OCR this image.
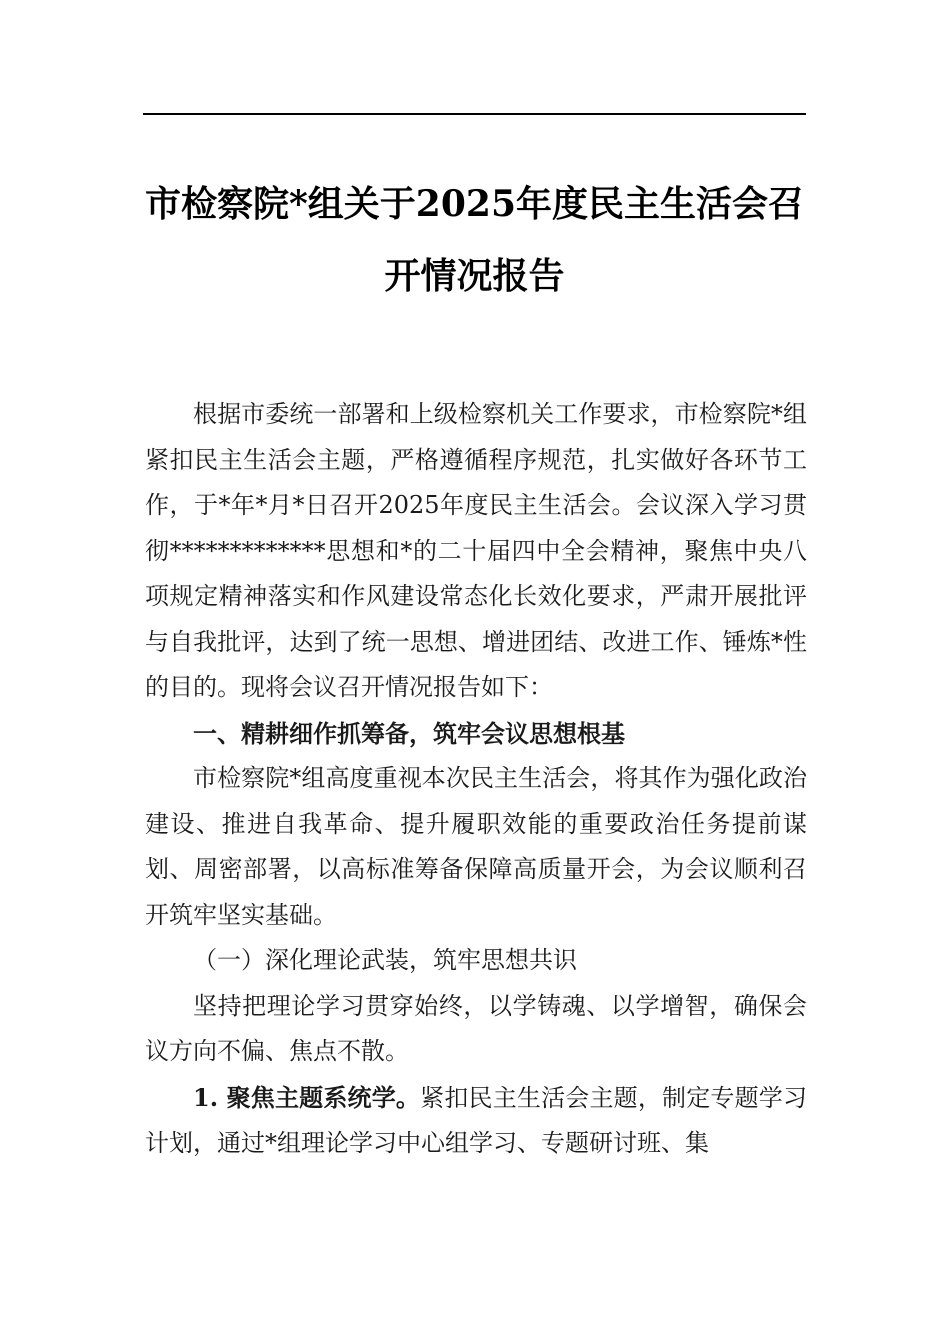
市检察院*组关于2025年度民主生活会召
开情况报告

根据市委统一部署和上级检察机关工作要求，市检察院*组紧扣民主生活会主题，严格遵循程序规范，扎实做好各环节工作，于*年*月*日召开2025年度民主生活会。会议深入学习贯彻*************思想和*的二十届四中全会精神，聚焦中央八项规定精神落实和作风建设常态化长效化要求，严肃开展批评与自我批评，达到了统一思想、增进团结、改进工作、锤炼*性的目的。现将会议召开情况报告如下：

一、精耕细作抓筹备，筑牢会议思想根基

市检察院*组高度重视本次民主生活会，将其作为强化政治建设、推进自我革命、提升履职效能的重要政治任务提前谋划、周密部署，以高标准筹备保障高质量开会，为会议顺利召开筑牢坚实基础。

（一）深化理论武装，筑牢思想共识

坚持把理论学习贯穿始终，以学铸魂、以学增智，确保会议方向不偏、焦点不散。

1. 聚焦主题系统学。紧扣民主生活会主题，制定专题学习计划，通过*组理论学习中心组学习、专题研讨班、集
